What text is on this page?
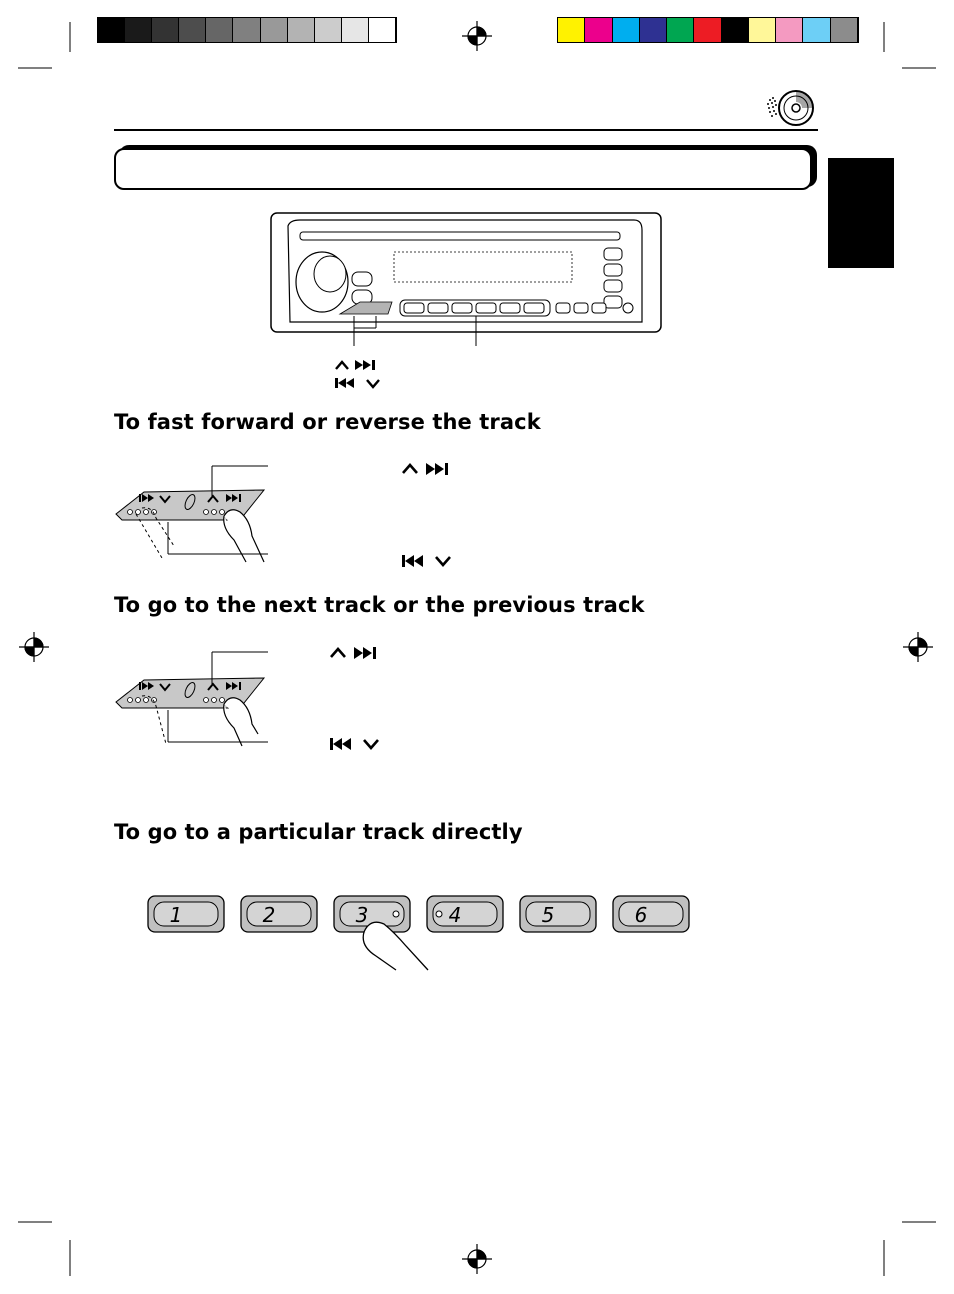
To fast forward or reverse the track
To go to the next track or the previous track
To go to a particular track directly
1	2	3	4	5	6
